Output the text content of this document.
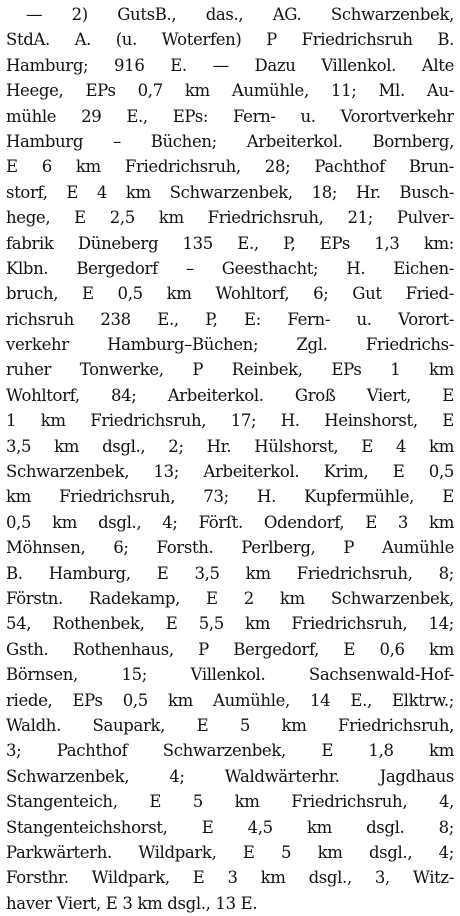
— 2) GutsB., das., AG. Schwarzenbek,
StdA. A. (u. Woterfen) P Friedrichsruh B.
Hamburg; 916 E. — Dazu Villenkol. Alte
Heege, EPs 0,7 km Aumühle, 11; Ml. Au-
mühle 29 E., EPs: Fern- u. Vorortverkehr
Hamburg – Büchen; Arbeiterkol. Bornberg,
E 6 km Friedrichsruh, 28; Pachthof Brun-
storf, E 4 km Schwarzenbek, 18; Hr. Busch-
hege, E 2,5 km Friedrichsruh, 21; Pulver-
fabrik Düneberg 135 E., P, EPs 1,3 km:
Klbn. Bergedorf – Geesthacht; H. Eichen-
bruch, E 0,5 km Wohltorf, 6; Gut Fried-
richsruh 238 E., P, E: Fern- u. Vorort-
verkehr Hamburg–Büchen; Zgl. Friedrichs-
ruher Tonwerke, P Reinbek, EPs 1 km
Wohltorf, 84; Arbeiterkol. Groß Viert, E
1 km Friedrichsruh, 17; H. Heinshorst, E
3,5 km dsgl., 2; Hr. Hülshorst, E 4 km
Schwarzenbek, 13; Arbeiterkol. Krim, E 0,5
km Friedrichsruh, 73; H. Kupfermühle, E
0,5 km dsgl., 4; Förſt. Odendorf, E 3 km
Möhnsen, 6; Forsth. Perlberg, P Aumühle
B. Hamburg, E 3,5 km Friedrichsruh, 8;
Förstn. Radekamp, E 2 km Schwarzenbek,
54, Rothenbek, E 5,5 km Friedrichsruh, 14;
Gsth. Rothenhaus, P Bergedorf, E 0,6 km
Börnsen, 15; Villenkol. Sachsenwald-Hof-
riede, EPs 0,5 km Aumühle, 14 E., Elktrw.;
Waldh. Saupark, E 5 km Friedrichsruh,
3; Pachthof Schwarzenbek, E 1,8 km
Schwarzenbek, 4; Waldwärterhr. Jagdhaus
Stangenteich, E 5 km Friedrichsruh, 4,
Stangenteichshorst, E 4,5 km dsgl. 8;
Parkwärterh. Wildpark, E 5 km dsgl., 4;
Forsthr. Wildpark, E 3 km dsgl., 3, Witz-
haver Viert, E 3 km dsgl., 13 E.
